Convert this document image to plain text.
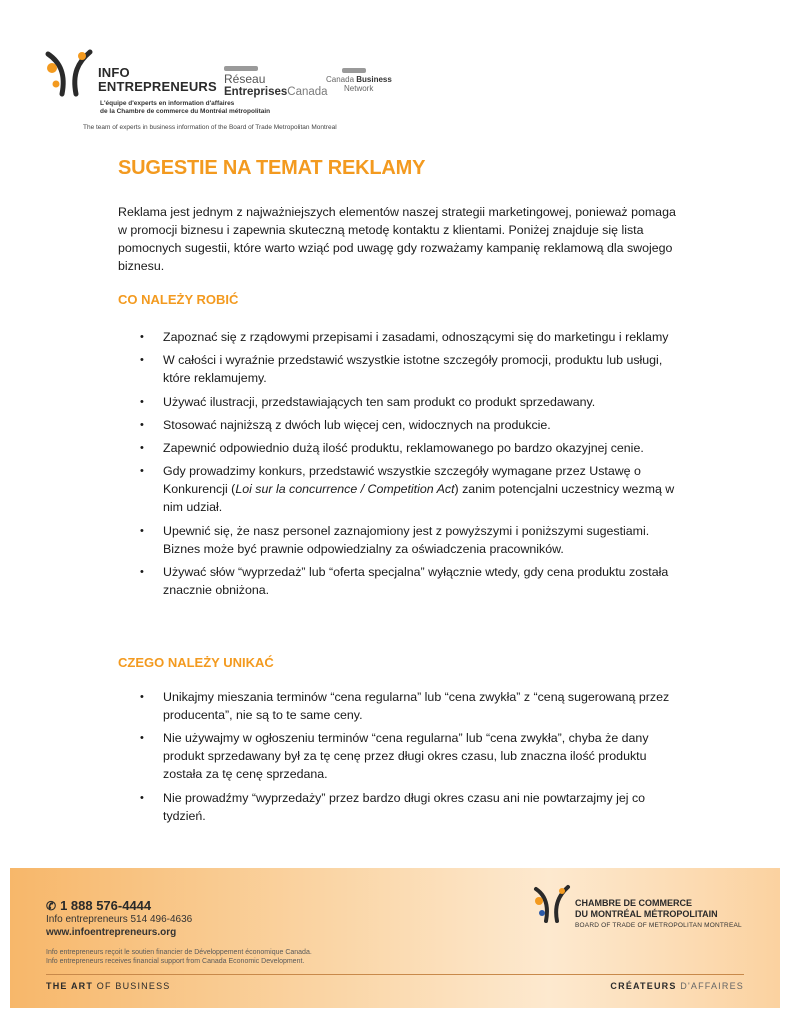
INFO
ENTREPRENEURS Réseau
EntreprisesCanada
Canada Business
Network
L'équipe d'experts en information d'affaires
de la Chambre de commerce du Montréal métropolitain
The team of experts in business information of the Board of Trade Metropolitan Montreal
SUGESTIE NA TEMAT REKLAMY

Reklama jest jednym z najważniejszych elementów naszej strategii marketingowej, ponieważ pomaga w promocji biznesu i zapewnia skuteczną metodę kontaktu z klientami. Poniżej znajduje się lista pomocnych sugestii, które warto wziąć pod uwagę gdy rozważamy kampanię reklamową dla swojego biznesu.

CO NALEŻY ROBIĆ
• Zapoznać się z rządowymi przepisami i zasadami, odnoszącymi się do marketingu i reklamy
• W całości i wyraźnie przedstawić wszystkie istotne szczegóły promocji, produktu lub usługi, które reklamujemy.
• Używać ilustracji, przedstawiających ten sam produkt co produkt sprzedawany.
• Stosować najniższą z dwóch lub więcej cen, widocznych na produkcie.
• Zapewnić odpowiednio dużą ilość produktu, reklamowanego po bardzo okazyjnej cenie.
• Gdy prowadzimy konkurs, przedstawić wszystkie szczegóły wymagane przez Ustawę o Konkurencji (Loi sur la concurrence / Competition Act) zanim potencjalni uczestnicy wezmą w nim udział.
• Upewnić się, że nasz personel zaznajomiony jest z powyższymi i poniższymi sugestiami. Biznes może być prawnie odpowiedzialny za oświadczenia pracowników.
• Używać słów “wyprzedaż” lub “oferta specjalna” wyłącznie wtedy, gdy cena produktu została znacznie obniżona.
CZEGO NALEŻY UNIKAĆ
• Unikajmy mieszania terminów “cena regularna” lub “cena zwykła” z “ceną sugerowaną przez producenta”, nie są to te same ceny.
• Nie używajmy w ogłoszeniu terminów “cena regularna” lub “cena zwykła”, chyba że dany produkt sprzedawany był za tę cenę przez długi okres czasu, lub znaczna ilość produktu została za tę cenę sprzedana.
• Nie prowadźmy “wyprzedaży” przez bardzo długi okres czasu ani nie powtarzajmy jej co tydzień.
✆ 1 888 576-4444
Info entrepreneurs 514 496-4636
www.infoentrepreneurs.org
Info entrepreneurs reçoit le soutien financier de Développement économique Canada.
Info entrepreneurs receives financial support from Canada Economic Development.
CHAMBRE DE COMMERCE
DU MONTRÉAL MÉTROPOLITAIN
BOARD OF TRADE OF METROPOLITAN MONTREAL
THE ART OF BUSINESS	CRÉATEURS D'AFFAIRES
